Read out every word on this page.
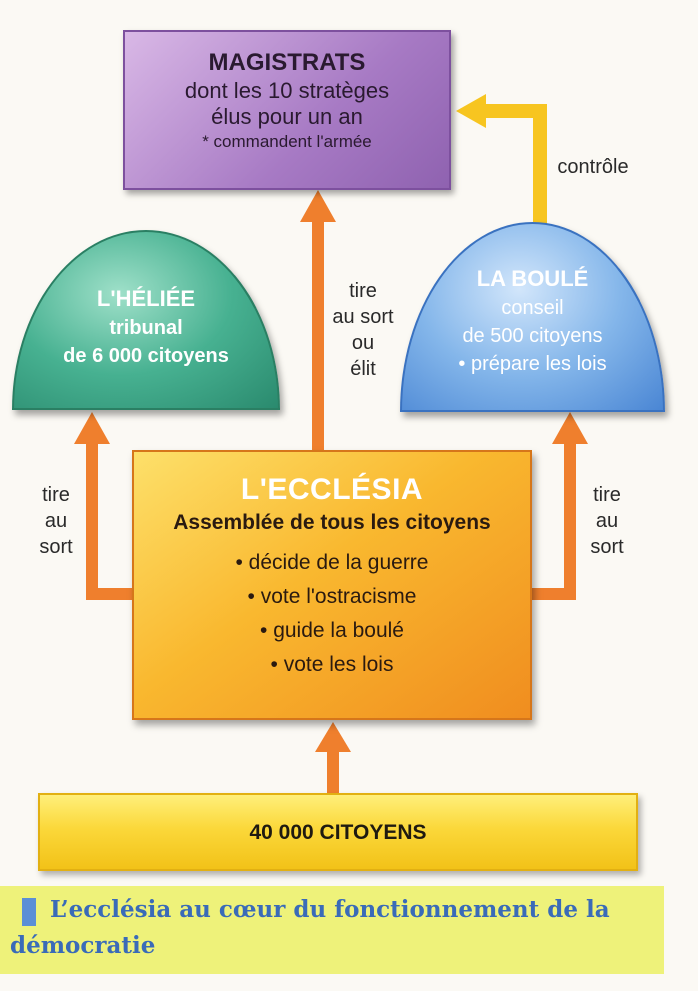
MAGISTRATS
dont les 10 stratèges
élus pour un an
* commandent l'armée
L'HÉLIÉE
tribunal
de 6 000 citoyens
LA BOULÉ
conseil
de 500 citoyens
• prépare les lois
L'ECCLÉSIA
Assemblée de tous les citoyens
• décide de la guerre
• vote l'ostracisme
• guide la boulé
• vote les lois
40 000 CITOYENS
tire
au sort
ou
élit
tire
au
sort
tire
au
sort
contrôle
L’ecclésia au cœur du fonctionnement de la démocratie
